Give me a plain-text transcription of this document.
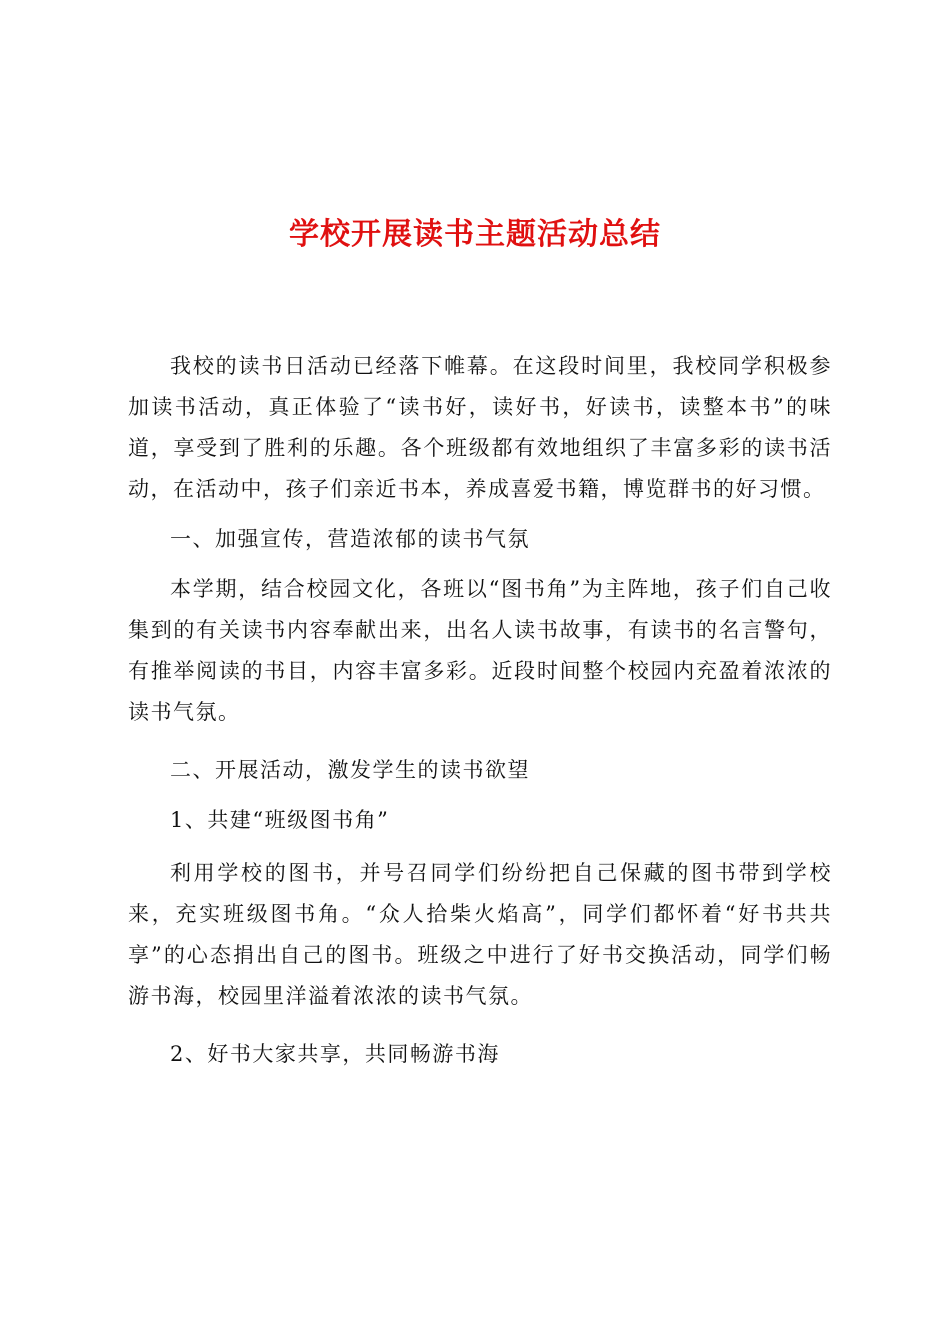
学校开展读书主题活动总结

我校的读书日活动已经落下帷幕。在这段时间里，我校同学积极参加读书活动，真正体验了“读书好，读好书，好读书，读整本书”的味道，享受到了胜利的乐趣。各个班级都有效地组织了丰富多彩的读书活动，在活动中，孩子们亲近书本，养成喜爱书籍，博览群书的好习惯。

一、加强宣传，营造浓郁的读书气氛

本学期，结合校园文化，各班以“图书角”为主阵地，孩子们自己收集到的有关读书内容奉献出来，出名人读书故事，有读书的名言警句，有推举阅读的书目，内容丰富多彩。近段时间整个校园内充盈着浓浓的读书气氛。

二、开展活动，激发学生的读书欲望

1、共建“班级图书角”

利用学校的图书，并号召同学们纷纷把自己保藏的图书带到学校来，充实班级图书角。“众人拾柴火焰高”，同学们都怀着“好书共共享”的心态捐出自己的图书。班级之中进行了好书交换活动，同学们畅游书海，校园里洋溢着浓浓的读书气氛。

2、好书大家共享，共同畅游书海
